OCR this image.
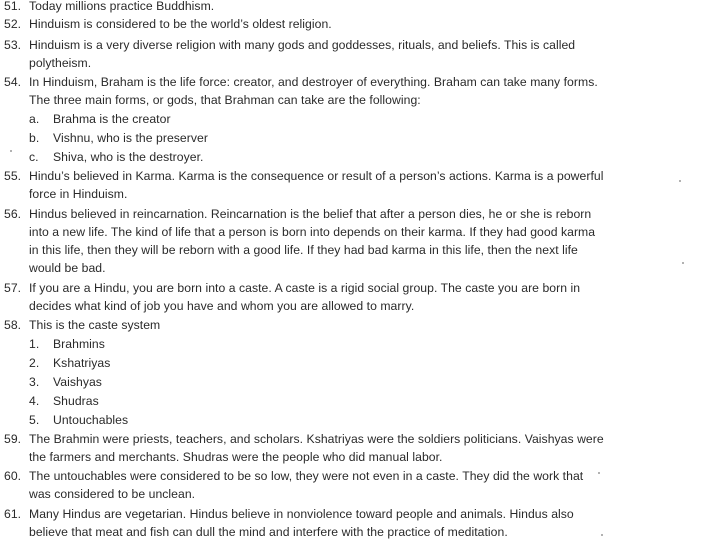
51. Today millions practice Buddhism.
52. Hinduism is considered to be the world’s oldest religion.
53. Hinduism is a very diverse religion with many gods and goddesses, rituals, and beliefs. This is called
polytheism.
54. In Hinduism, Braham is the life force: creator, and destroyer of everything. Braham can take many forms.
The three main forms, or gods, that Brahman can take are the following:
a. Brahma is the creator
b. Vishnu, who is the preserver
c. Shiva, who is the destroyer.
55. Hindu’s believed in Karma. Karma is the consequence or result of a person’s actions. Karma is a powerful
force in Hinduism.
56. Hindus believed in reincarnation. Reincarnation is the belief that after a person dies, he or she is reborn
into a new life. The kind of life that a person is born into depends on their karma. If they had good karma
in this life, then they will be reborn with a good life. If they had bad karma in this life, then the next life
would be bad.
57. If you are a Hindu, you are born into a caste. A caste is a rigid social group. The caste you are born in
decides what kind of job you have and whom you are allowed to marry.
58. This is the caste system
1. Brahmins
2. Kshatriyas
3. Vaishyas
4. Shudras
5. Untouchables
59. The Brahmin were priests, teachers, and scholars. Kshatriyas were the soldiers politicians. Vaishyas were
the farmers and merchants. Shudras were the people who did manual labor.
60. The untouchables were considered to be so low, they were not even in a caste. They did the work that
was considered to be unclean.
61. Many Hindus are vegetarian. Hindus believe in nonviolence toward people and animals. Hindus also
believe that meat and fish can dull the mind and interfere with the practice of meditation.
